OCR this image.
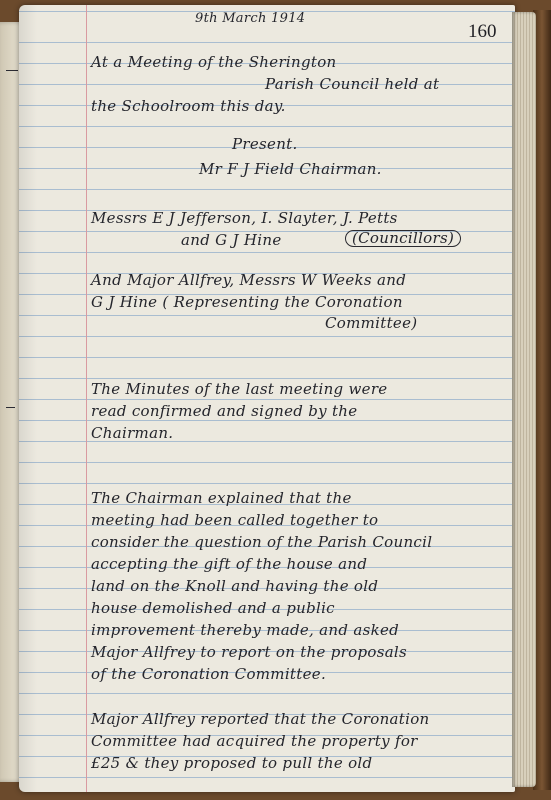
9th March 1914
160
At a Meeting of the Sherington
Parish Council held at
the Schoolroom this day.
Present.
Mr F J Field Chairman.
Messrs E J Jefferson, I. Slayter, J. Petts
and G J Hine	(Councillors)
And Major Allfrey, Messrs W Weeks and
G J Hine ( Representing the Coronation
Committee)
The Minutes of the last meeting were
read confirmed and signed by the
Chairman.
The Chairman explained that the
meeting had been called together to
consider the question of the Parish Council
accepting the gift of the house and
land on the Knoll and having the old
house demolished and a public
improvement thereby made, and asked
Major Allfrey to report on the proposals
of the Coronation Committee.
Major Allfrey reported that the Coronation
Committee had acquired the property for
£25 & they proposed to pull the old
